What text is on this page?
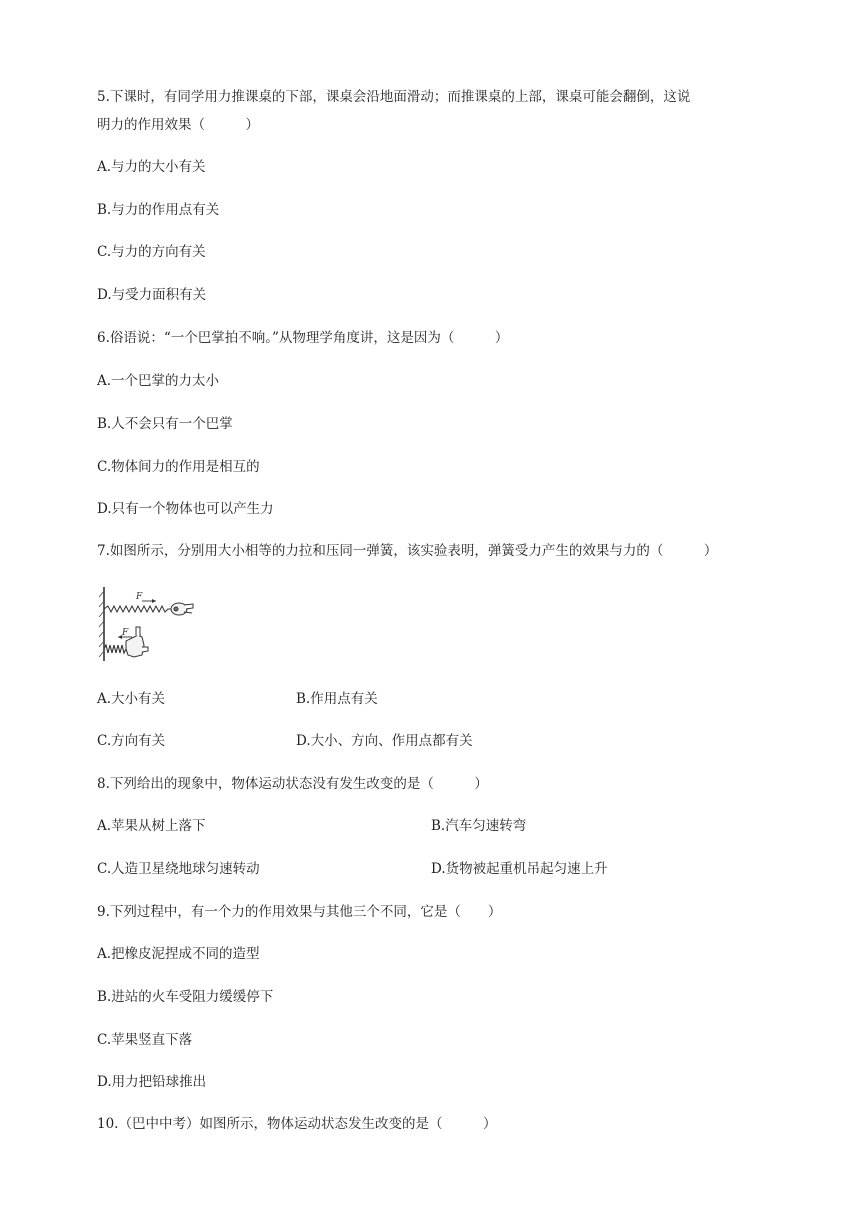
5.下课时，有同学用力推课桌的下部，课桌会沿地面滑动；而推课桌的上部，课桌可能会翻倒，这说
明力的作用效果（　　　）
A.与力的大小有关
B.与力的作用点有关
C.与力的方向有关
D.与受力面积有关
6.俗语说：“一个巴掌拍不响。”从物理学角度讲，这是因为（　　　）
A.一个巴掌的力太小
B.人不会只有一个巴掌
C.物体间力的作用是相互的
D.只有一个物体也可以产生力
7.如图所示，分别用大小相等的力拉和压同一弹簧，该实验表明，弹簧受力产生的效果与力的（　　　）
F
F
A.大小有关	B.作用点有关
C.方向有关	D.大小、方向、作用点都有关
8.下列给出的现象中，物体运动状态没有发生改变的是（　　　）
A.苹果从树上落下	B.汽车匀速转弯
C.人造卫星绕地球匀速转动	D.货物被起重机吊起匀速上升
9.下列过程中，有一个力的作用效果与其他三个不同，它是（　　）
A.把橡皮泥捏成不同的造型
B.进站的火车受阻力缓缓停下
C.苹果竖直下落
D.用力把铅球推出
10.（巴中中考）如图所示，物体运动状态发生改变的是（　　　）
